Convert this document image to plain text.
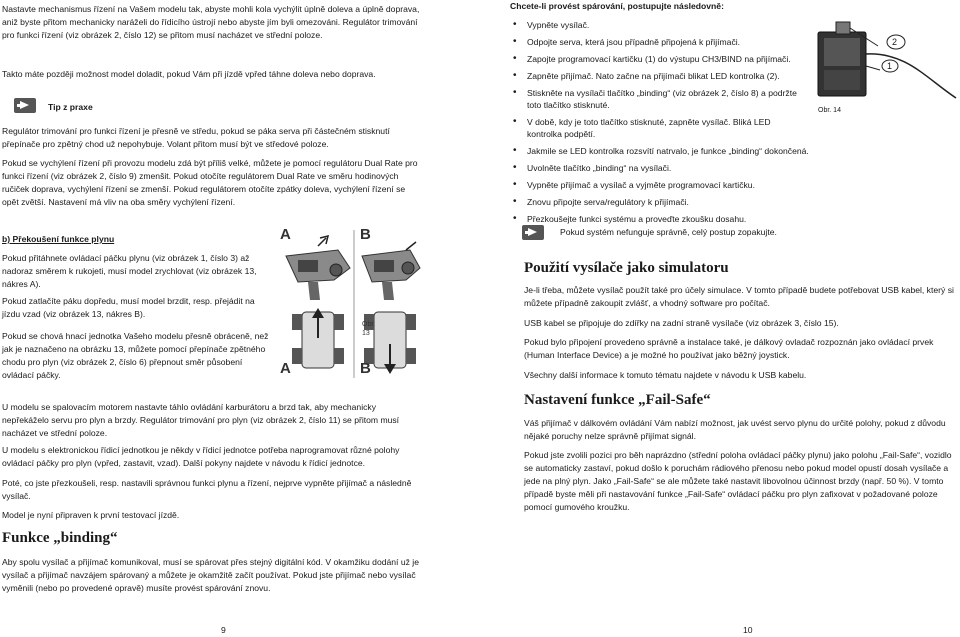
Nastavte mechanismus řízení na Vašem modelu tak, abyste mohli kola vychýlit úplně doleva a úplně doprava, aniž byste přitom mechanicky naráželi do řídicího ústrojí nebo abyste jím byli omezováni. Regulátor trimování pro funkci řízení (viz obrázek 2, číslo 12) se přitom musí nacházet ve střední poloze.

Takto máte později možnost model doladit, pokud Vám při jízdě vpřed táhne doleva nebo doprava.

Tip z praxe

Regulátor trimování pro funkci řízení je přesně ve středu, pokud se páka serva při částečném stisknutí přepínače pro zpětný chod už nepohybuje. Volant přitom musí být ve středové poloze.

Pokud se vychýlení řízení při provozu modelu zdá být příliš velké, můžete je pomocí regulátoru Dual Rate pro funkci řízení (viz obrázek 2, číslo 9) zmenšit. Pokud otočíte regulátorem Dual Rate ve směru hodinových ručiček doprava, vychýlení řízení se zmenší. Pokud regulátorem otočíte zpátky doleva, vychýlení řízení se opět zvětší. Nastavení má vliv na oba směry vychýlení řízení.

b) Překoušení funkce plynu

Pokud přitáhnete ovládací páčku plynu (viz obrázek 1, číslo 3) až nadoraz směrem k rukojeti, musí model zrychlovat (viz obrázek 13, nákres A).

Pokud zatlačíte páku dopředu, musí model brzdit, resp. přejádit na jízdu vzad (viz obrázek 13, nákres B).

Pokud se chová hnací jednotka Vašeho modelu přesně obráceně, než jak je naznačeno na obrázku 13, můžete pomocí přepínače zpětného chodu pro plyn (viz obrázek 2, číslo 6) přepnout směr působení ovládací páčky.

A	B
A	B
Obr.
13

U modelu se spalovacím motorem nastavte táhlo ovládání karburátoru a brzd tak, aby mechanicky nepřekáželo servu pro plyn a brzdy. Regulátor trimování pro plyn (viz obrázek 2, číslo 11) se přitom musí nacházet ve střední poloze.

U modelu s elektronickou řídicí jednotkou je někdy v řídicí jednotce potřeba naprogramovat různé polohy ovládací páčky pro plyn (vpřed, zastavit, vzad). Další pokyny najdete v návodu k řídicí jednotce.

Poté, co jste přezkoušeli, resp. nastavili správnou funkci plynu a řízení, nejprve vypněte přijímač a následně vysílač.

Model je nyní připraven k první testovací jízdě.

Funkce „binding“

Aby spolu vysílač a přijímač komunikoval, musí se spárovat přes stejný digitální kód. V okamžiku dodání už je vysílač a přijímač navzájem spárovaný a můžete je okamžitě začít používat. Pokud jste přijímač nebo vysílač vyměnili (nebo po provedené opravě) musíte provést spárování znovu.

9

Chcete-li provést spárování, postupujte následovně:

• Vypněte vysílač.
• Odpojte serva, která jsou případně připojená k přijímači.
• Zapojte programovací kartičku (1) do výstupu CH3/BIND na přijímači.
• Zapněte přijímač. Nato začne na přijímači blikat LED kontrolka (2).
• Stiskněte na vysílači tlačítko „binding“ (viz obrázek 2, číslo 8) a podržte toto tlačítko stisknuté.
• V době, kdy je toto tlačítko stisknuté, zapněte vysílač. Bliká LED kontrolka podpětí.
• Jakmile se LED kontrolka rozsvítí natrvalo, je funkce „binding“ dokončená.
• Uvolněte tlačítko „binding“ na vysílači.
• Vypněte přijímač a vysílač a vyjměte programovací kartičku.
• Znovu připojte serva/regulátory k přijímači.
• Přezkoušejte funkci systému a proveďte zkoušku dosahu.
2
1
Obr. 14

Pokud systém nefunguje správně, celý postup zopakujte.

Použití vysílače jako simulatoru

Je-li třeba, můžete vysílač použít také pro účely simulace. V tomto případě budete potřebovat USB kabel, který si můžete případně zakoupit zvlášť, a vhodný software pro počítač.

USB kabel se připojuje do zdířky na zadní straně vysílače (viz obrázek 3, číslo 15).

Pokud bylo připojení provedeno správně a instalace také, je dálkový ovladač rozpoznán jako ovládací prvek (Human Interface Device) a je možné ho používat jako běžný joystick.

Všechny další informace k tomuto tématu najdete v návodu k USB kabelu.

Nastavení funkce „Fail-Safe“

Váš přijímač v dálkovém ovládání Vám nabízí možnost, jak uvést servo plynu do určité polohy, pokud z důvodu nějaké poruchy nelze správně přijímat signál.

Pokud jste zvolili pozici pro běh naprázdno (střední poloha ovládací páčky plynu) jako polohu „Fail-Safe“, vozidlo se automaticky zastaví, pokud došlo k poruchám rádiového přenosu nebo pokud model opustí dosah vysílače a jede na plný plyn. Jako „Fail-Safe“ se ale můžete také nastavit libovolnou účinnost brzdy (např. 50 %). V tomto případě byste měli při nastavování funkce „Fail-Safe“ ovládací páčku pro plyn zafixovat v požadované poloze pomocí gumového kroužku.

10
